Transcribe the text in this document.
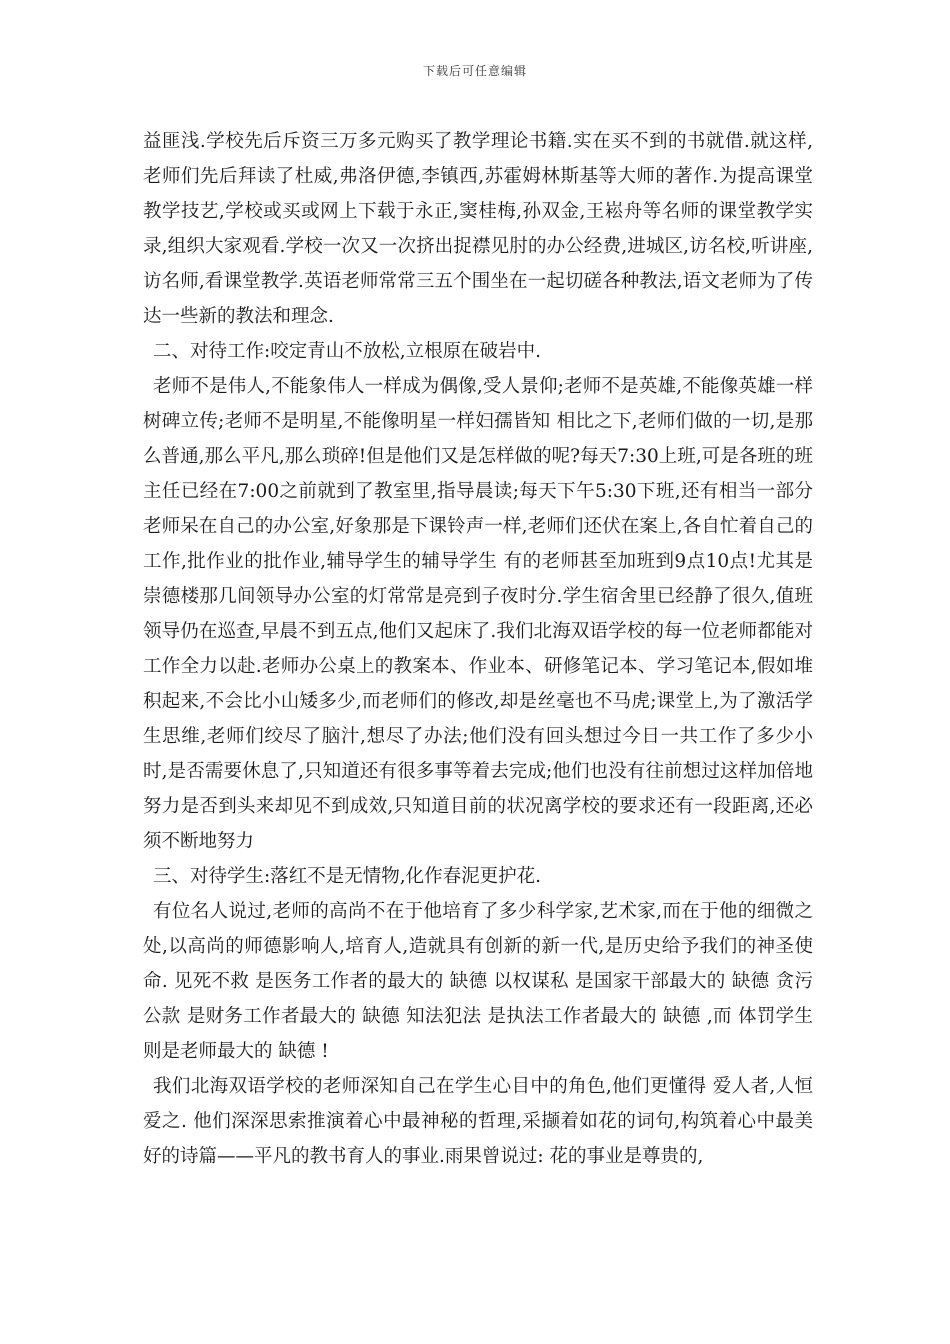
下载后可任意编辑

益匪浅.学校先后斥资三万多元购买了教学理论书籍.实在买不到的书就借.就这样,老师们先后拜读了杜威,弗洛伊德,李镇西,苏霍姆林斯基等大师的著作.为提高课堂教学技艺,学校或买或网上下载于永正,窦桂梅,孙双金,王崧舟等名师的课堂教学实录,组织大家观看.学校一次又一次挤出捉襟见肘的办公经费,进城区,访名校,听讲座,访名师,看课堂教学.英语老师常常三五个围坐在一起切磋各种教法,语文老师为了传达一些新的教法和理念.

二、对待工作:咬定青山不放松,立根原在破岩中.

老师不是伟人,不能象伟人一样成为偶像,受人景仰;老师不是英雄,不能像英雄一样树碑立传;老师不是明星,不能像明星一样妇孺皆知 相比之下,老师们做的一切,是那么普通,那么平凡,那么琐碎!但是他们又是怎样做的呢?每天7:30上班,可是各班的班主任已经在7:00之前就到了教室里,指导晨读;每天下午5:30下班,还有相当一部分老师呆在自己的办公室,好象那是下课铃声一样,老师们还伏在案上,各自忙着自己的工作,批作业的批作业,辅导学生的辅导学生 有的老师甚至加班到9点10点!尤其是崇德楼那几间领导办公室的灯常常是亮到子夜时分.学生宿舍里已经静了很久,值班领导仍在巡查,早晨不到五点,他们又起床了.我们北海双语学校的每一位老师都能对工作全力以赴.老师办公桌上的教案本、作业本、研修笔记本、学习笔记本,假如堆积起来,不会比小山矮多少,而老师们的修改,却是丝毫也不马虎;课堂上,为了激活学生思维,老师们绞尽了脑汁,想尽了办法;他们没有回头想过今日一共工作了多少小时,是否需要休息了,只知道还有很多事等着去完成;他们也没有往前想过这样加倍地努力是否到头来却见不到成效,只知道目前的状况离学校的要求还有一段距离,还必须不断地努力

三、对待学生:落红不是无情物,化作春泥更护花.

有位名人说过,老师的高尚不在于他培育了多少科学家,艺术家,而在于他的细微之处,以高尚的师德影响人,培育人,造就具有创新的新一代,是历史给予我们的神圣使命. 见死不救 是医务工作者的最大的 缺德 以权谋私 是国家干部最大的 缺德 贪污公款 是财务工作者最大的 缺德 知法犯法 是执法工作者最大的 缺德 ,而 体罚学生 则是老师最大的 缺德 !

我们北海双语学校的老师深知自己在学生心目中的角色,他们更懂得 爱人者,人恒爱之. 他们深深思索推演着心中最神秘的哲理,采撷着如花的词句,构筑着心中最美好的诗篇——平凡的教书育人的事业.雨果曾说过: 花的事业是尊贵的,
